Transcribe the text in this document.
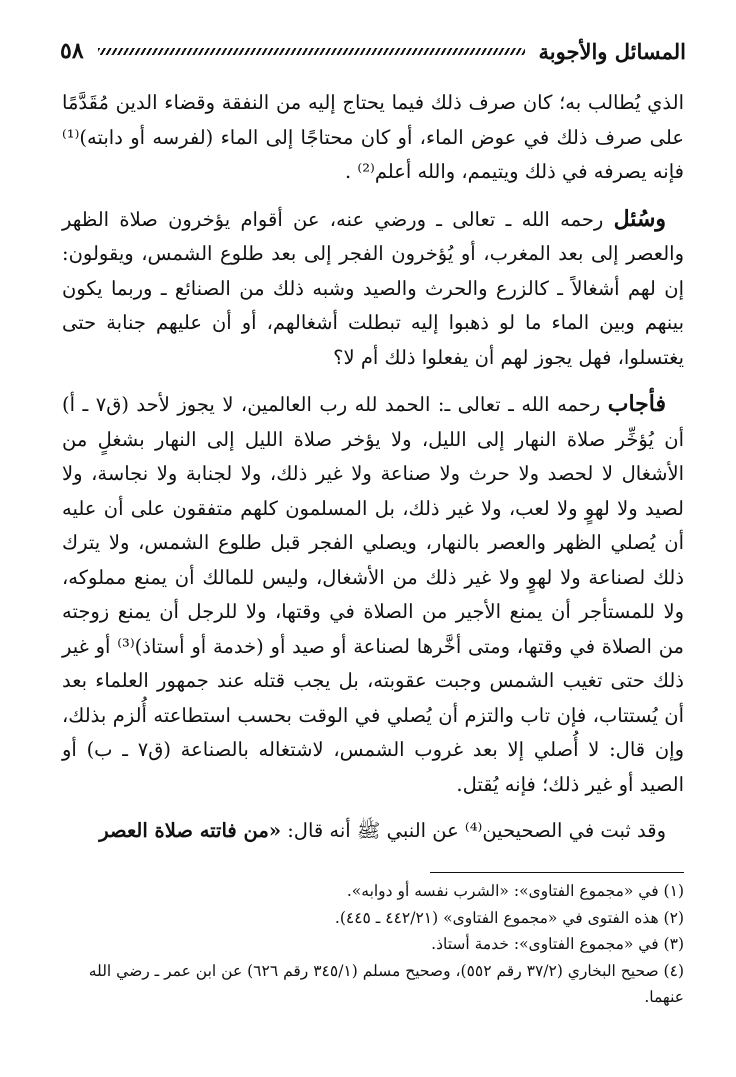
٥٨	المسائل والأجوبة

الذي يُطالب به؛ كان صرف ذلك فيما يحتاج إليه من النفقة وقضاء الدين مُقَدَّمًا على صرف ذلك في عوض الماء، أو كان محتاجًا إلى الماء (لفرسه أو دابته)⁽¹⁾ فإنه يصرفه في ذلك ويتيمم، والله أعلم⁽²⁾ .

وسُئل رحمه الله ـ تعالى ـ ورضي عنه، عن أقوام يؤخرون صلاة الظهر والعصر إلى بعد المغرب، أو يُؤخرون الفجر إلى بعد طلوع الشمس، ويقولون: إن لهم أشغالاً ـ كالزرع والحرث والصيد وشبه ذلك من الصنائع ـ وربما يكون بينهم وبين الماء ما لو ذهبوا إليه تبطلت أشغالهم، أو أن عليهم جنابة حتى يغتسلوا، فهل يجوز لهم أن يفعلوا ذلك أم لا؟

فأجاب رحمه الله ـ تعالى ـ: الحمد لله رب العالمين، لا يجوز لأحد (ق٧ ـ أ) أن يُؤخِّر صلاة النهار إلى الليل، ولا يؤخر صلاة الليل إلى النهار بشغلٍ من الأشغال لا لحصد ولا حرث ولا صناعة ولا غير ذلك، ولا لجنابة ولا نجاسة، ولا لصيد ولا لهوٍ ولا لعب، ولا غير ذلك، بل المسلمون كلهم متفقون على أن عليه أن يُصلي الظهر والعصر بالنهار، ويصلي الفجر قبل طلوع الشمس، ولا يترك ذلك لصناعة ولا لهوٍ ولا غير ذلك من الأشغال، وليس للمالك أن يمنع مملوكه، ولا للمستأجر أن يمنع الأجير من الصلاة في وقتها، ولا للرجل أن يمنع زوجته من الصلاة في وقتها، ومتى أخَّرها لصناعة أو صيد أو (خدمة أو أستاذ)⁽³⁾ أو غير ذلك حتى تغيب الشمس وجبت عقوبته، بل يجب قتله عند جمهور العلماء بعد أن يُستتاب، فإن تاب والتزم أن يُصلي في الوقت بحسب استطاعته أُلزم بذلك، وإن قال: لا أُصلي إلا بعد غروب الشمس، لاشتغاله بالصناعة (ق٧ ـ ب) أو الصيد أو غير ذلك؛ فإنه يُقتل.

وقد ثبت في الصحيحين⁽⁴⁾ عن النبي ﷺ أنه قال: «من فاتته صلاة العصر

(١) في «مجموع الفتاوى»: «الشرب نفسه أو دوابه».

(٢) هذه الفتوى في «مجموع الفتاوى» (٤٤٢/٢١ ـ ٤٤٥).

(٣) في «مجموع الفتاوى»: خدمة أستاذ.

(٤) صحيح البخاري (٣٧/٢ رقم ٥٥٢)، وصحيح مسلم (٣٤٥/١ رقم ٦٢٦) عن ابن عمر ـ رضي الله عنهما.
